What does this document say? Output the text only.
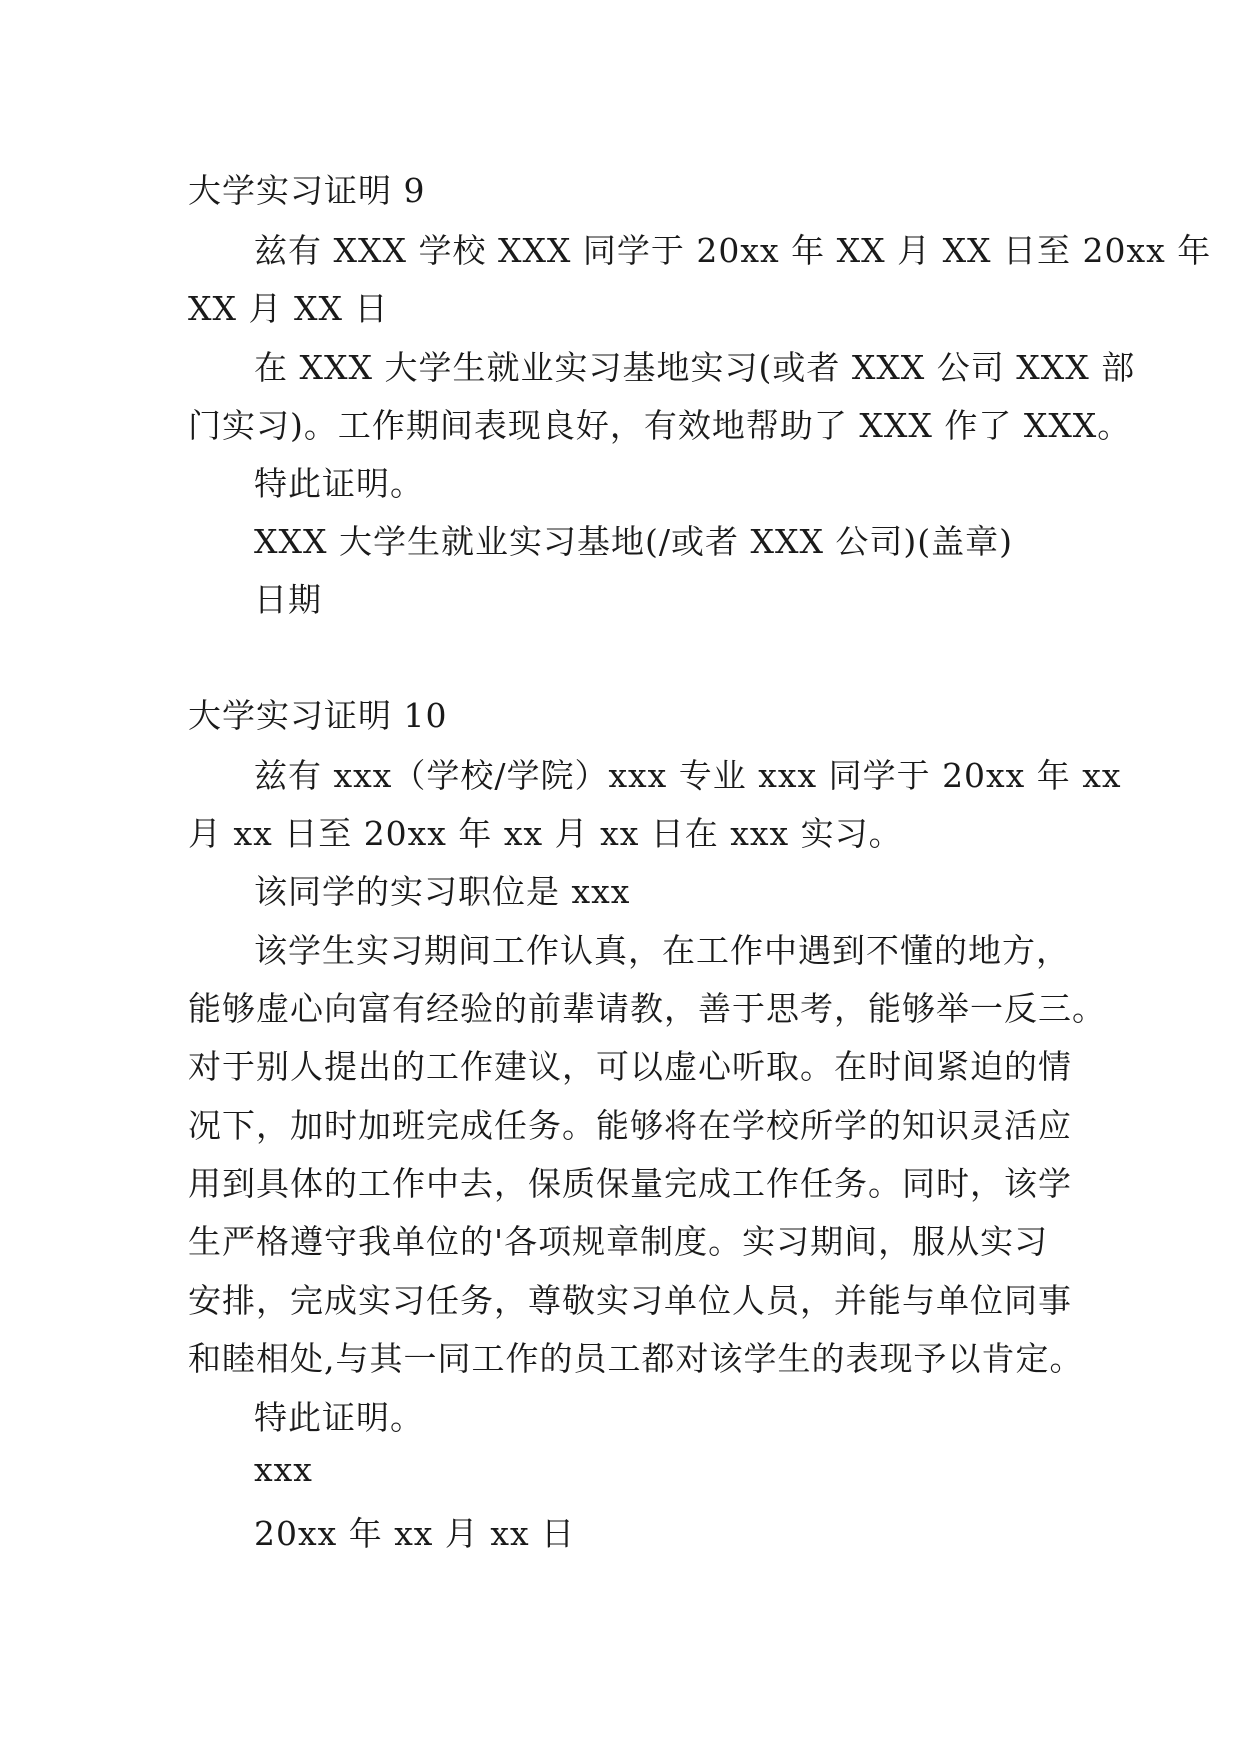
大学实习证明 9
兹有 XXX 学校 XXX 同学于 20xx 年 XX 月 XX 日至 20xx 年
XX 月 XX 日
在 XXX 大学生就业实习基地实习(或者 XXX 公司 XXX 部
门实习)。工作期间表现良好，有效地帮助了 XXX 作了 XXX。
特此证明。
XXX 大学生就业实习基地(/或者 XXX 公司)(盖章)
日期
大学实习证明 10
兹有 xxx（学校/学院）xxx 专业 xxx 同学于 20xx 年 xx
月 xx 日至 20xx 年 xx 月 xx 日在 xxx 实习。
该同学的实习职位是 xxx
该学生实习期间工作认真，在工作中遇到不懂的地方，
能够虚心向富有经验的前辈请教，善于思考，能够举一反三。
对于别人提出的工作建议，可以虚心听取。在时间紧迫的情
况下，加时加班完成任务。能够将在学校所学的知识灵活应
用到具体的工作中去，保质保量完成工作任务。同时，该学
生严格遵守我单位的'各项规章制度。实习期间，服从实习
安排，完成实习任务，尊敬实习单位人员，并能与单位同事
和睦相处,与其一同工作的员工都对该学生的表现予以肯定。
特此证明。
xxx
20xx 年 xx 月 xx 日
